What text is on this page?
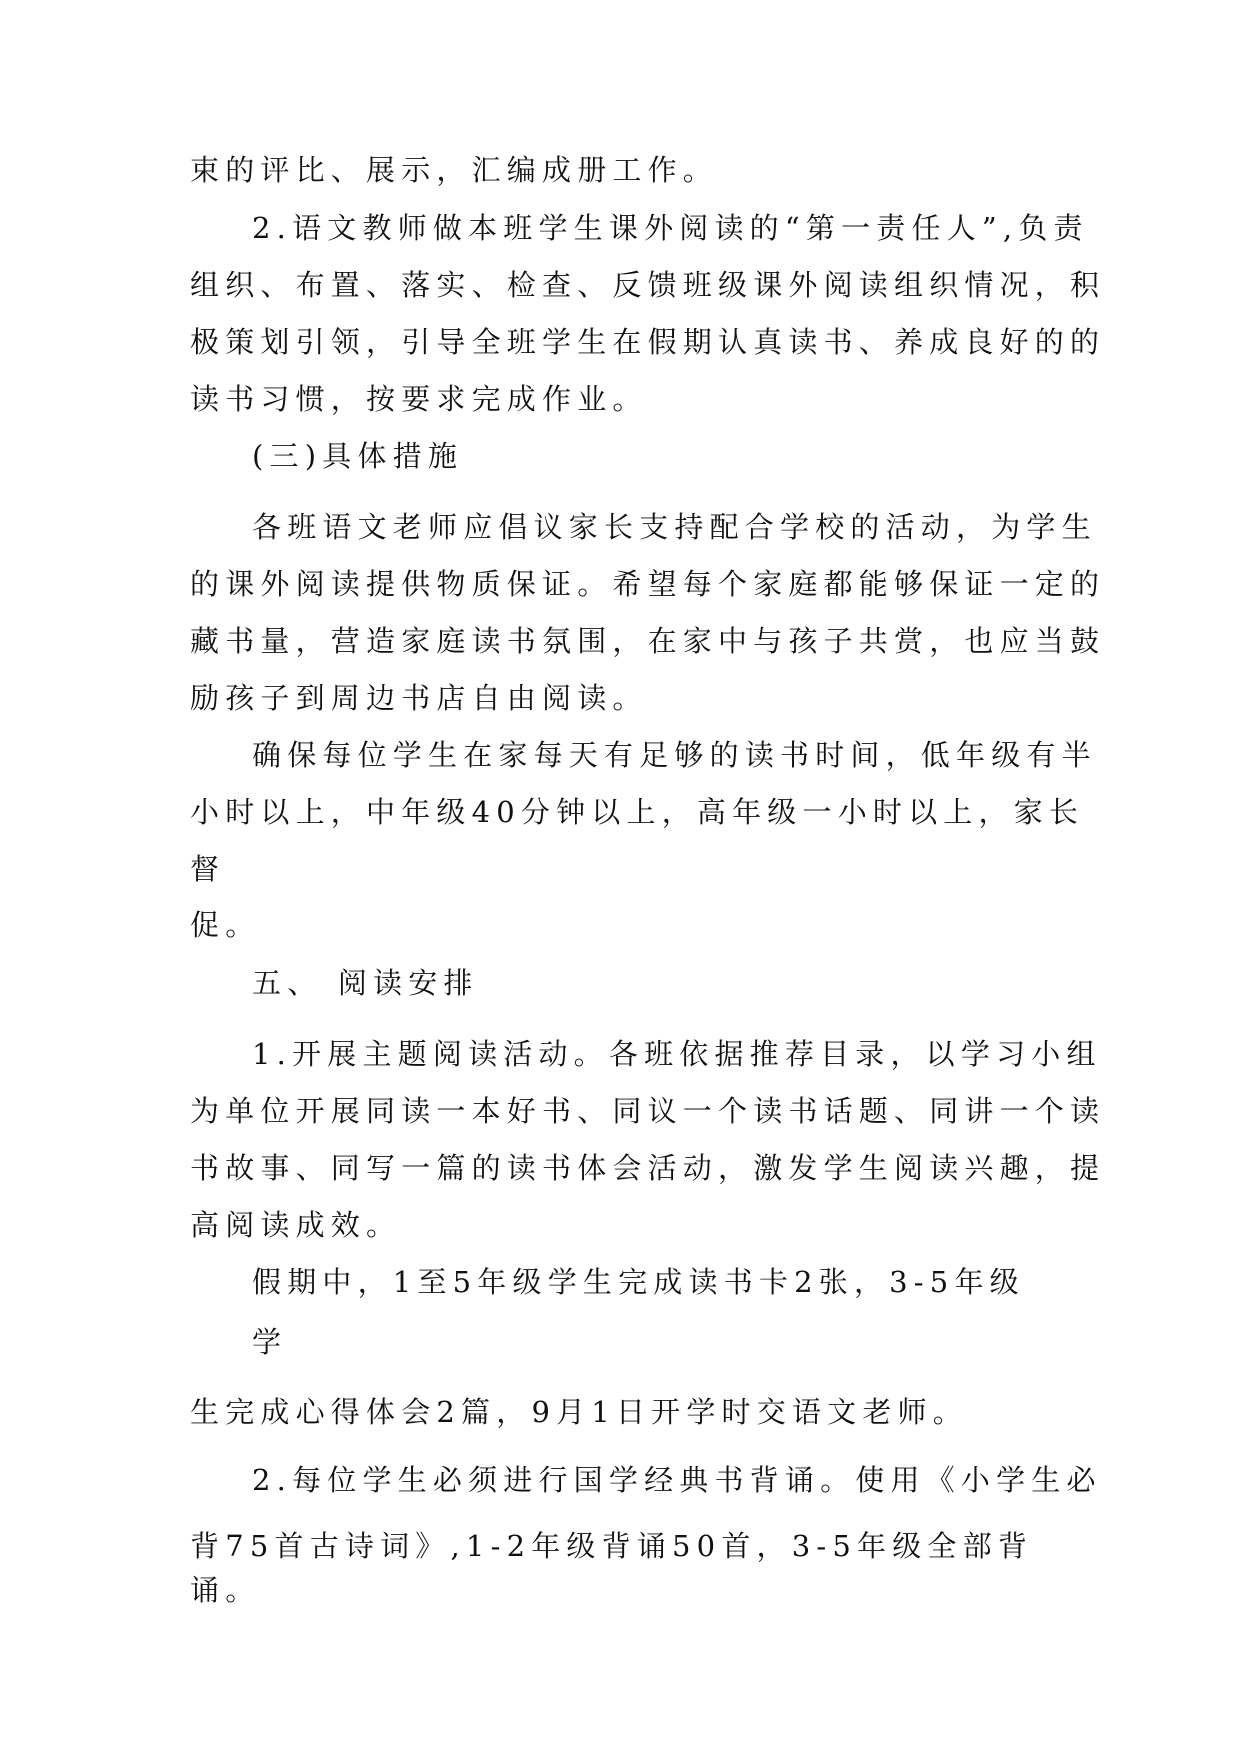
束的评比、展示，汇编成册工作。
2.语文教师做本班学生课外阅读的“第一责任人”,负责
组织、布置、落实、检查、反馈班级课外阅读组织情况，积
极策划引领，引导全班学生在假期认真读书、养成良好的的
读书习惯，按要求完成作业。
(三)具体措施
各班语文老师应倡议家长支持配合学校的活动，为学生
的课外阅读提供物质保证。希望每个家庭都能够保证一定的
藏书量，营造家庭读书氛围，在家中与孩子共赏，也应当鼓
励孩子到周边书店自由阅读。
确保每位学生在家每天有足够的读书时间，低年级有半
小时以上，中年级40分钟以上，高年级一小时以上，家长
督
促。
五、 阅读安排
1.开展主题阅读活动。各班依据推荐目录，以学习小组
为单位开展同读一本好书、同议一个读书话题、同讲一个读
书故事、同写一篇的读书体会活动，激发学生阅读兴趣，提
高阅读成效。
假期中，1至5年级学生完成读书卡2张，3-5年级
学
生完成心得体会2篇，9月1日开学时交语文老师。
2.每位学生必须进行国学经典书背诵。使用《小学生必
背75首古诗词》,1-2年级背诵50首，3-5年级全部背
诵。
